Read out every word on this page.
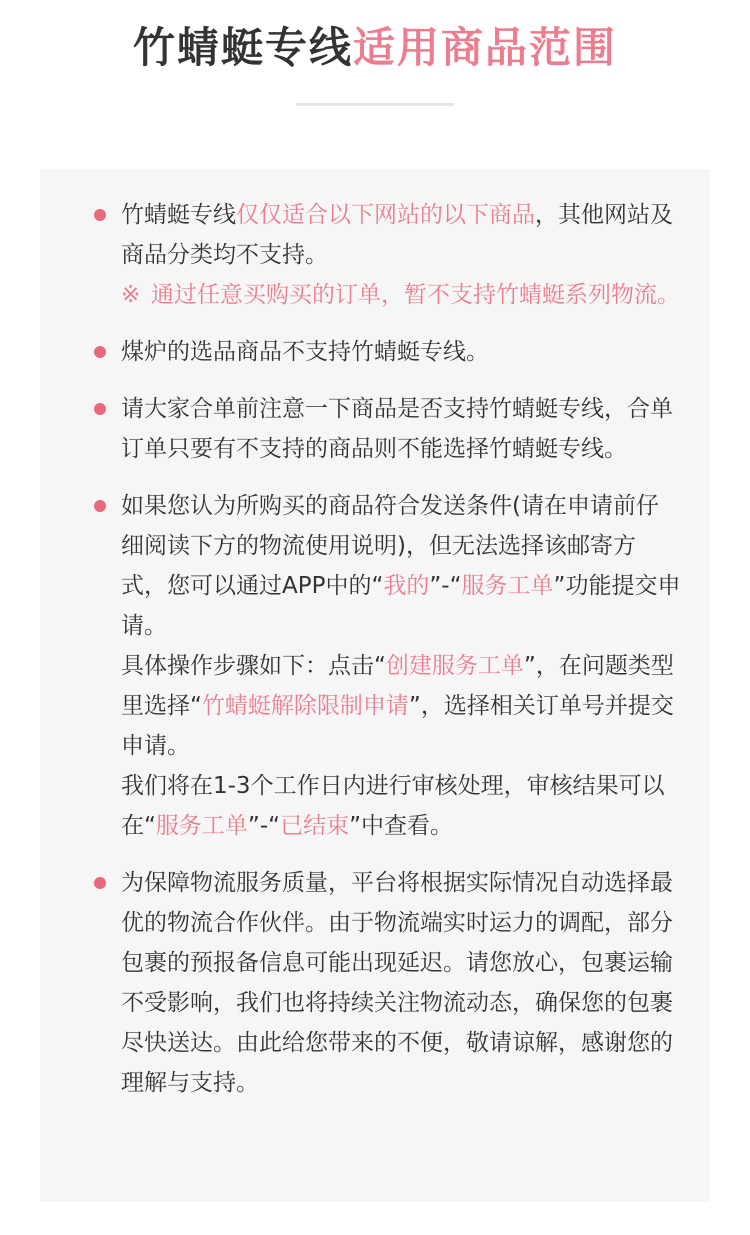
竹蜻蜓专线适用商品范围
竹蜻蜓专线仅仅适合以下网站的以下商品，其他网站及商品分类均不支持。
※ 通过任意买购买的订单，暂不支持竹蜻蜓系列物流。
煤炉的选品商品不支持竹蜻蜓专线。
请大家合单前注意一下商品是否支持竹蜻蜓专线，合单订单只要有不支持的商品则不能选择竹蜻蜓专线。
如果您认为所购买的商品符合发送条件(请在申请前仔细阅读下方的物流使用说明)，但无法选择该邮寄方式，您可以通过APP中的“我的”-“服务工单”功能提交申请。
具体操作步骤如下：点击“创建服务工单”，在问题类型里选择“竹蜻蜓解除限制申请”，选择相关订单号并提交申请。
我们将在1-3个工作日内进行审核处理，审核结果可以在“服务工单”-“已结束”中查看。
为保障物流服务质量，平台将根据实际情况自动选择最优的物流合作伙伴。由于物流端实时运力的调配，部分包裹的预报备信息可能出现延迟。请您放心，包裹运输不受影响，我们也将持续关注物流动态，确保您的包裹尽快送达。由此给您带来的不便，敬请谅解，感谢您的理解与支持。
